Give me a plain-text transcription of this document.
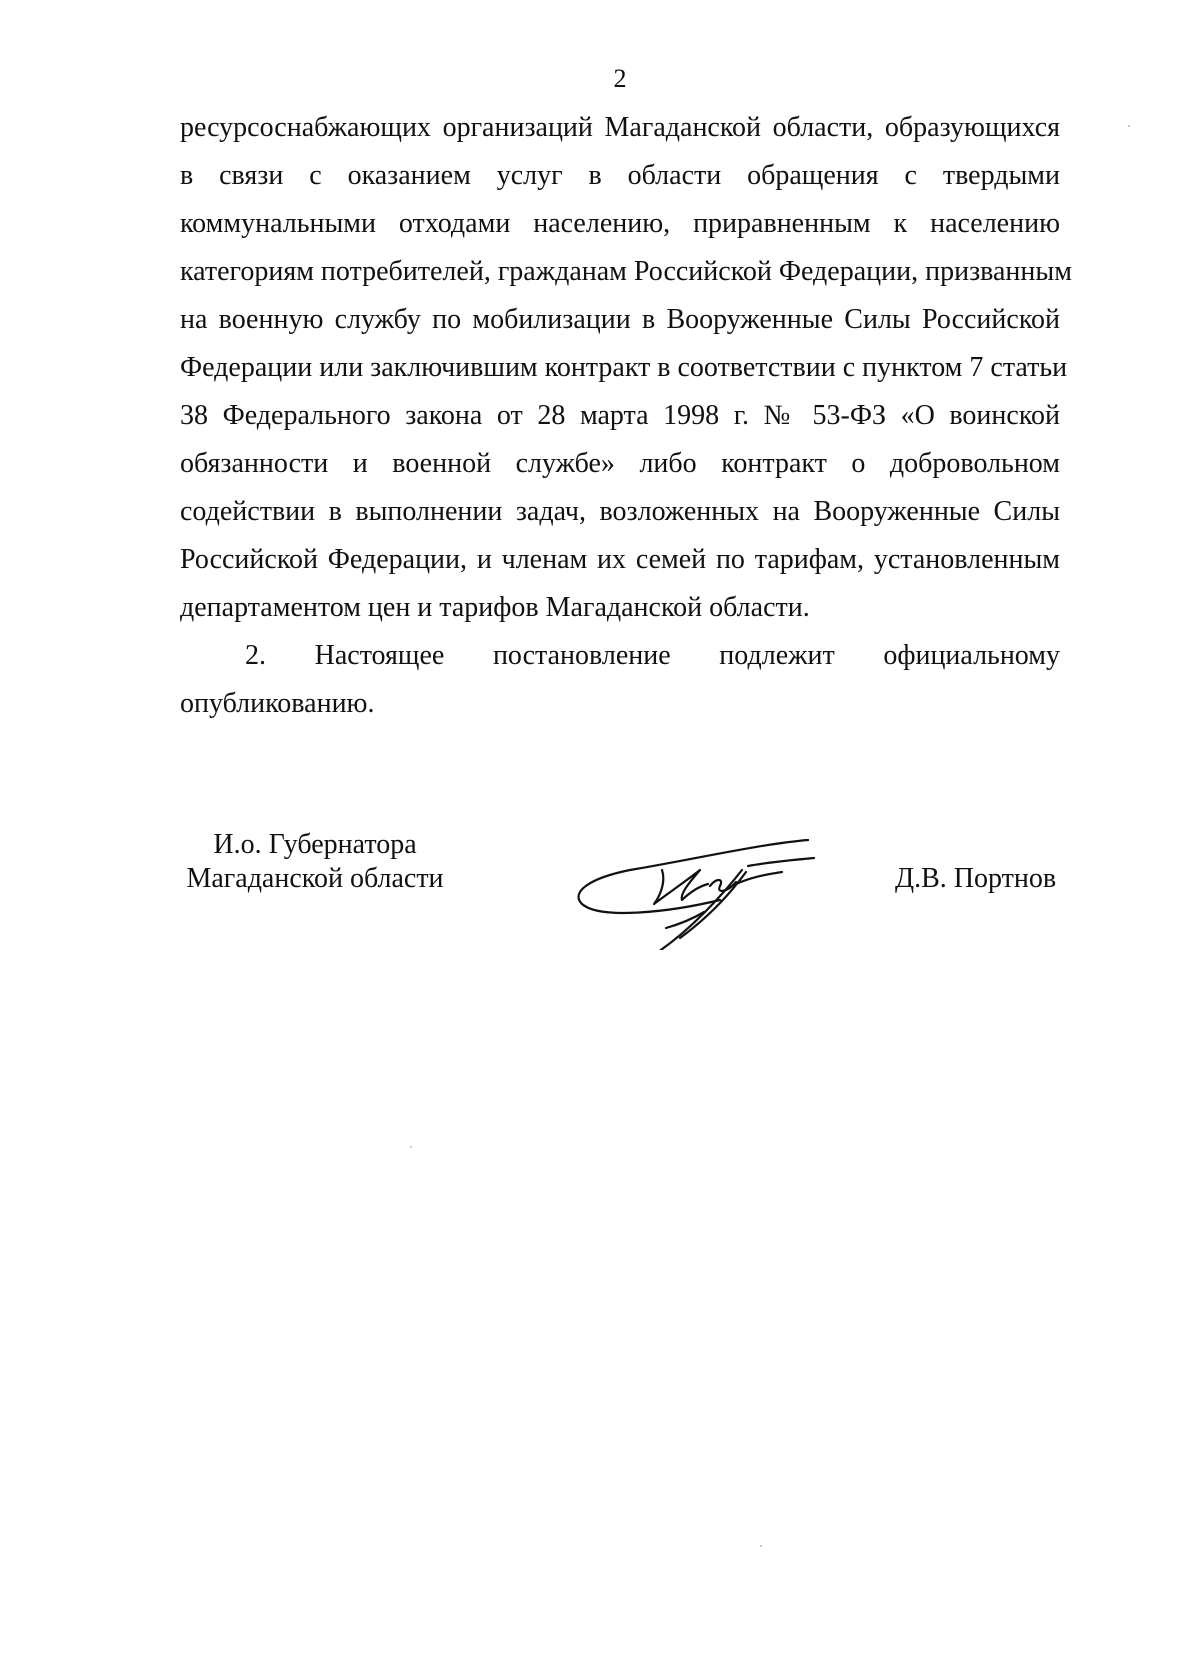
2
ресурсоснабжающих организаций Магаданской области, образующихся
в связи с оказанием услуг в области обращения с твердыми
коммунальными отходами населению, приравненным к населению
категориям потребителей, гражданам Российской Федерации, призванным
на военную службу по мобилизации в Вооруженные Силы Российской
Федерации или заключившим контракт в соответствии с пунктом 7 статьи
38 Федерального закона от 28 марта 1998 г. № 53-ФЗ «О воинской
обязанности и военной службе» либо контракт о добровольном
содействии в выполнении задач, возложенных на Вооруженные Силы
Российской Федерации, и членам их семей по тарифам, установленным
департаментом цен и тарифов Магаданской области.
2. Настоящее постановление подлежит официальному
опубликованию.
И.о. Губернатора
Магаданской области	Д.В. Портнов
